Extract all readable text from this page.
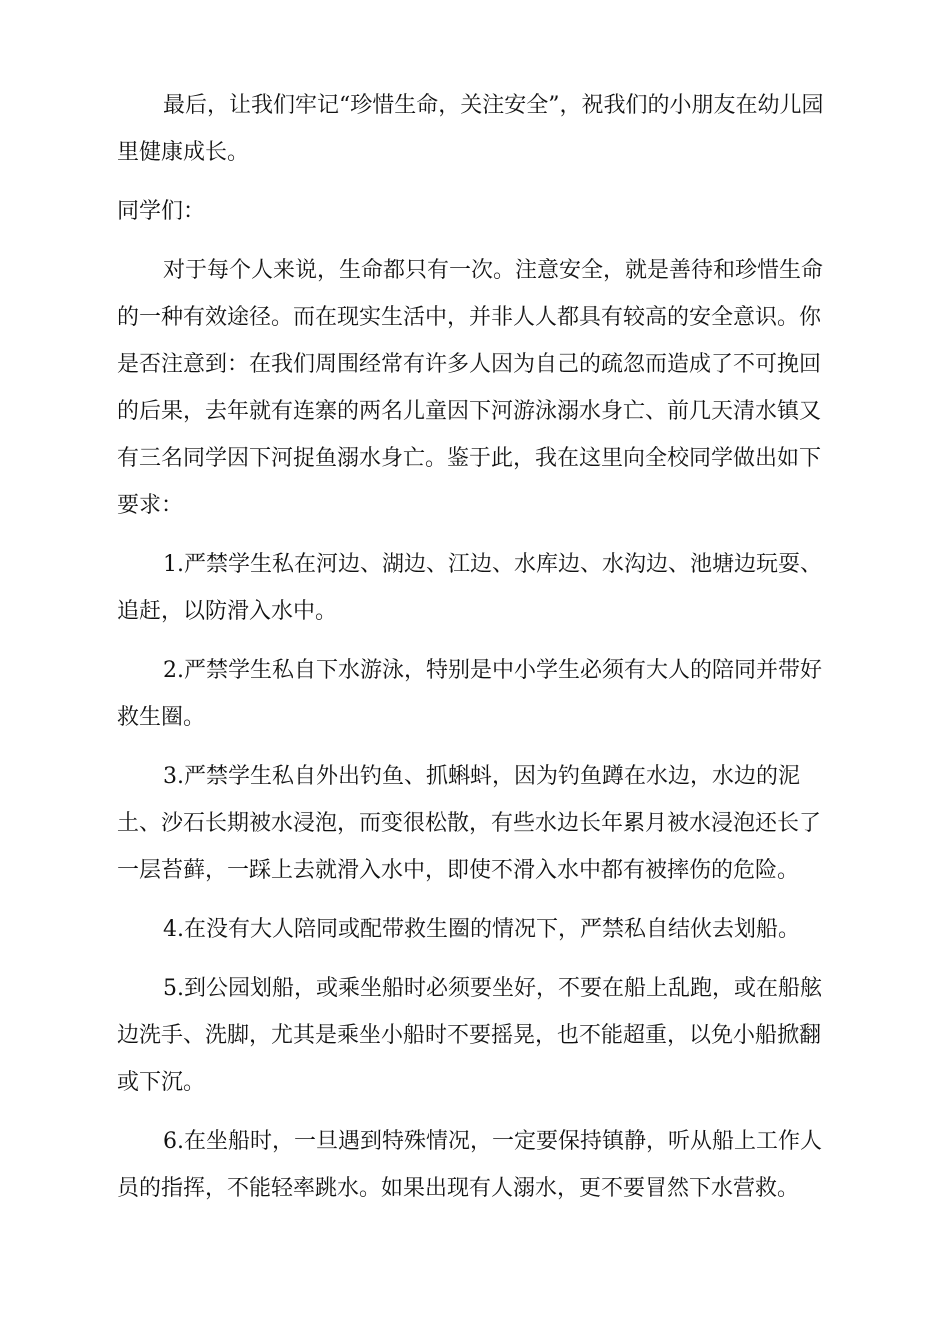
最后，让我们牢记“珍惜生命，关注安全”，祝我们的小朋友在幼儿园里健康成长。

同学们：

对于每个人来说，生命都只有一次。注意安全，就是善待和珍惜生命的一种有效途径。而在现实生活中，并非人人都具有较高的安全意识。你是否注意到：在我们周围经常有许多人因为自己的疏忽而造成了不可挽回的后果，去年就有连寨的两名儿童因下河游泳溺水身亡、前几天清水镇又有三名同学因下河捉鱼溺水身亡。鉴于此，我在这里向全校同学做出如下要求：

1.严禁学生私在河边、湖边、江边、水库边、水沟边、池塘边玩耍、追赶，以防滑入水中。

2.严禁学生私自下水游泳，特别是中小学生必须有大人的陪同并带好救生圈。

3.严禁学生私自外出钓鱼、抓蝌蚪，因为钓鱼蹲在水边，水边的泥土、沙石长期被水浸泡，而变很松散，有些水边长年累月被水浸泡还长了一层苔藓，一踩上去就滑入水中，即使不滑入水中都有被摔伤的危险。

4.在没有大人陪同或配带救生圈的情况下，严禁私自结伙去划船。

5.到公园划船，或乘坐船时必须要坐好，不要在船上乱跑，或在船舷边洗手、洗脚，尤其是乘坐小船时不要摇晃，也不能超重，以免小船掀翻或下沉。

6.在坐船时，一旦遇到特殊情况，一定要保持镇静，听从船上工作人员的指挥，不能轻率跳水。如果出现有人溺水，更不要冒然下水营救。
